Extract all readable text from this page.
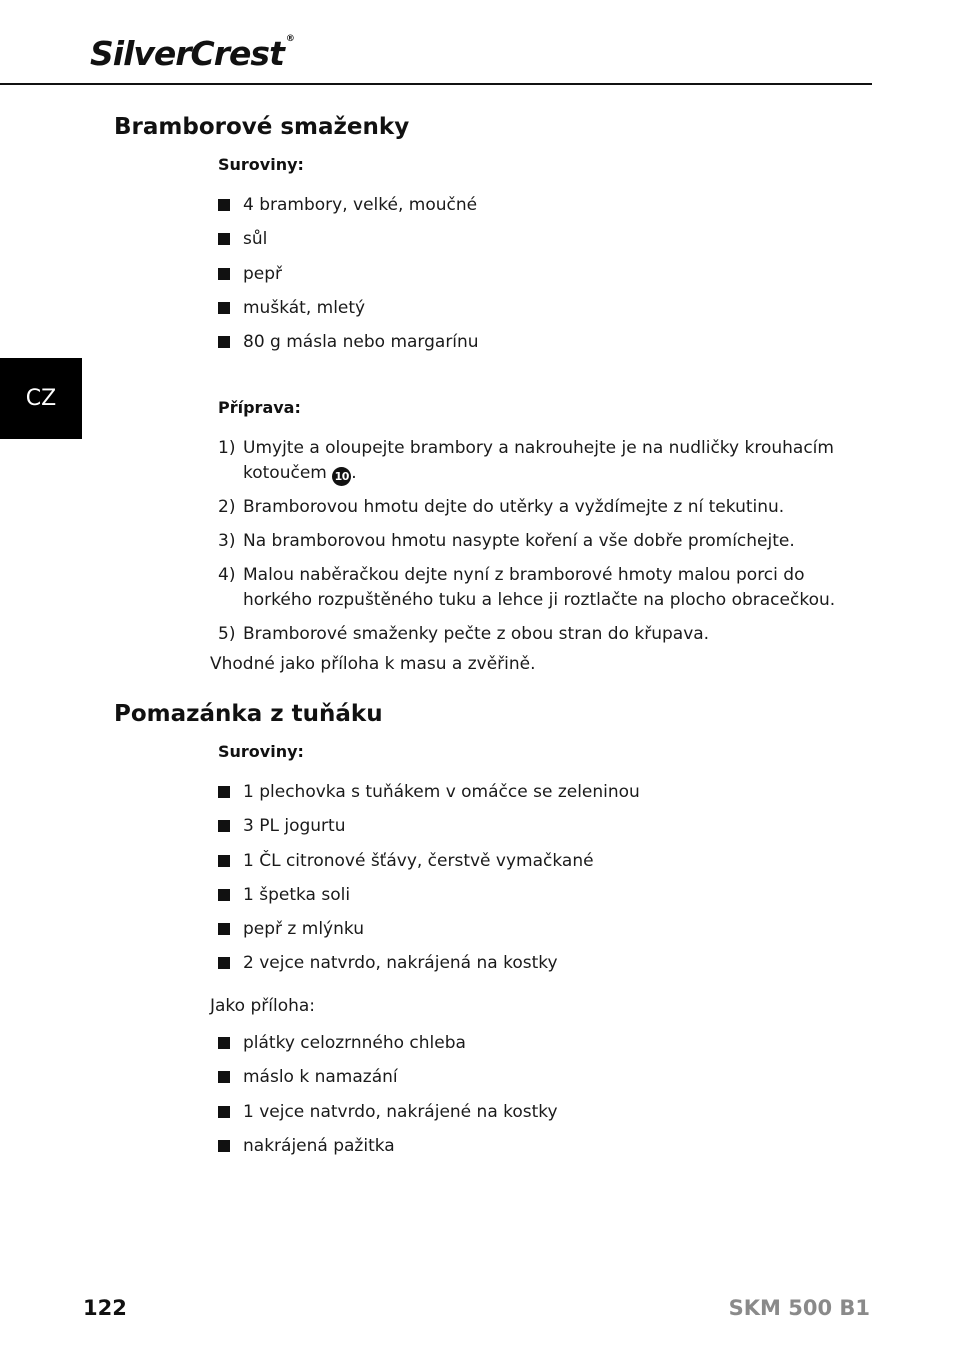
SilverCrest ®
CZ
Bramborové smaženky
Suroviny:
4 brambory, velké, moučné
sůl
pepř
muškát, mletý
80 g másla nebo margarínu
Příprava:
1) Umyjte a oloupejte brambory a nakrouhejte je na nudličky krouhacím kotoučem 10 .
2) Bramborovou hmotu dejte do utěrky a vyždímejte z ní tekutinu.
3) Na bramborovou hmotu nasypte koření a vše dobře promíchejte.
4) Malou naběračkou dejte nyní z bramborové hmoty malou porci do horkého rozpuštěného tuku a lehce ji roztlačte na plocho obracečkou.
5) Bramborové smaženky pečte z obou stran do křupava.

Vhodné jako příloha k masu a zvěřině.

Pomazánka z tuňáku
Suroviny:
1 plechovka s tuňákem v omáčce se zeleninou
3 PL jogurtu
1 ČL citronové šťávy, čerstvě vymačkané
1 špetka soli
pepř z mlýnku
2 vejce natvrdo, nakrájená na kostky

Jako příloha:

plátky celozrnného chleba
máslo k namazání
1 vejce natvrdo, nakrájené na kostky
nakrájená pažitka
122	SKM 500 B1
